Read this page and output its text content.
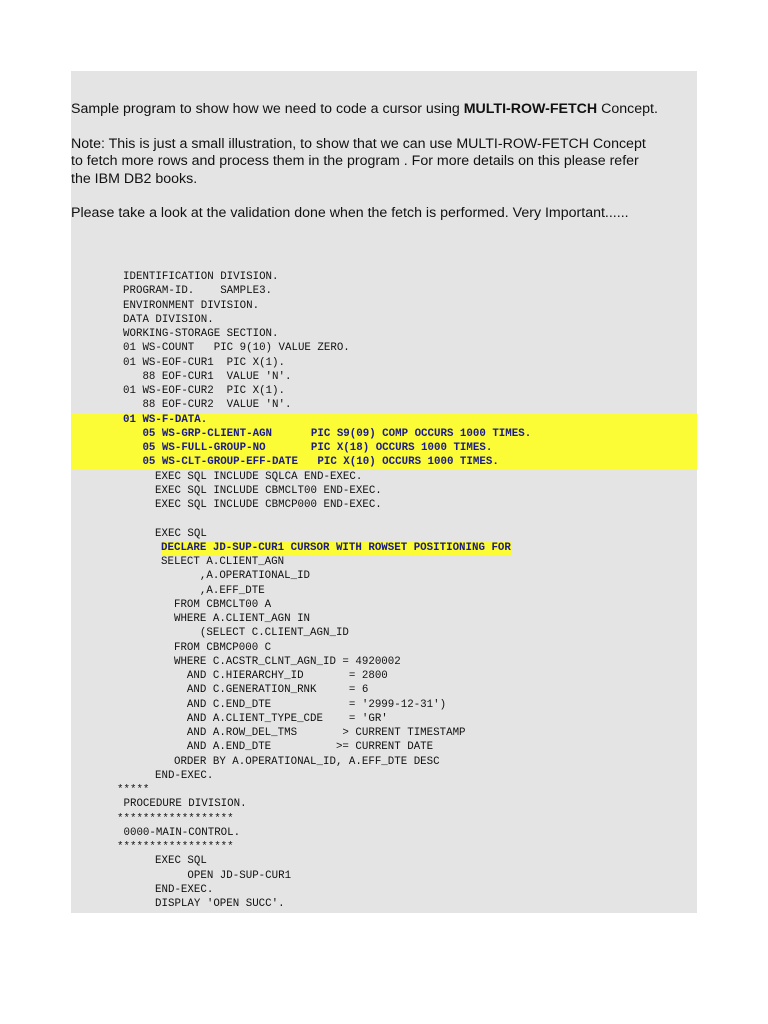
Sample program to show how we need to code a cursor using MULTI-ROW-FETCH Concept.

Note: This is just a small illustration, to show that we can use MULTI-ROW-FETCH Concept
to fetch more rows and process them in the program . For more details on this please refer
the IBM DB2 books.

Please take a look at the validation done when the fetch is performed. Very Important......

IDENTIFICATION DIVISION.
PROGRAM-ID.    SAMPLE3.
ENVIRONMENT DIVISION.
DATA DIVISION.
WORKING-STORAGE SECTION.
01 WS-COUNT   PIC 9(10) VALUE ZERO.
01 WS-EOF-CUR1  PIC X(1).
88 EOF-CUR1  VALUE 'N'.
01 WS-EOF-CUR2  PIC X(1).
88 EOF-CUR2  VALUE 'N'.
01 WS-F-DATA.
05 WS-GRP-CLIENT-AGN      PIC S9(09) COMP OCCURS 1000 TIMES.
05 WS-FULL-GROUP-NO       PIC X(18) OCCURS 1000 TIMES.
05 WS-CLT-GROUP-EFF-DATE   PIC X(10) OCCURS 1000 TIMES.
EXEC SQL INCLUDE SQLCA END-EXEC.
EXEC SQL INCLUDE CBMCLT00 END-EXEC.
EXEC SQL INCLUDE CBMCP000 END-EXEC.
EXEC SQL
DECLARE JD-SUP-CUR1 CURSOR WITH ROWSET POSITIONING FOR
SELECT A.CLIENT_AGN
,A.OPERATIONAL_ID
,A.EFF_DTE
FROM CBMCLT00 A
WHERE A.CLIENT_AGN IN
(SELECT C.CLIENT_AGN_ID
FROM CBMCP000 C
WHERE C.ACSTR_CLNT_AGN_ID = 4920002
AND C.HIERARCHY_ID       = 2800
AND C.GENERATION_RNK     = 6
AND C.END_DTE            = '2999-12-31')
AND A.CLIENT_TYPE_CDE    = 'GR'
AND A.ROW_DEL_TMS       > CURRENT TIMESTAMP
AND A.END_DTE          >= CURRENT DATE
ORDER BY A.OPERATIONAL_ID, A.EFF_DTE DESC
END-EXEC.
*****
PROCEDURE DIVISION.
******************
0000-MAIN-CONTROL.
******************
EXEC SQL
OPEN JD-SUP-CUR1
END-EXEC.
DISPLAY 'OPEN SUCC'.
